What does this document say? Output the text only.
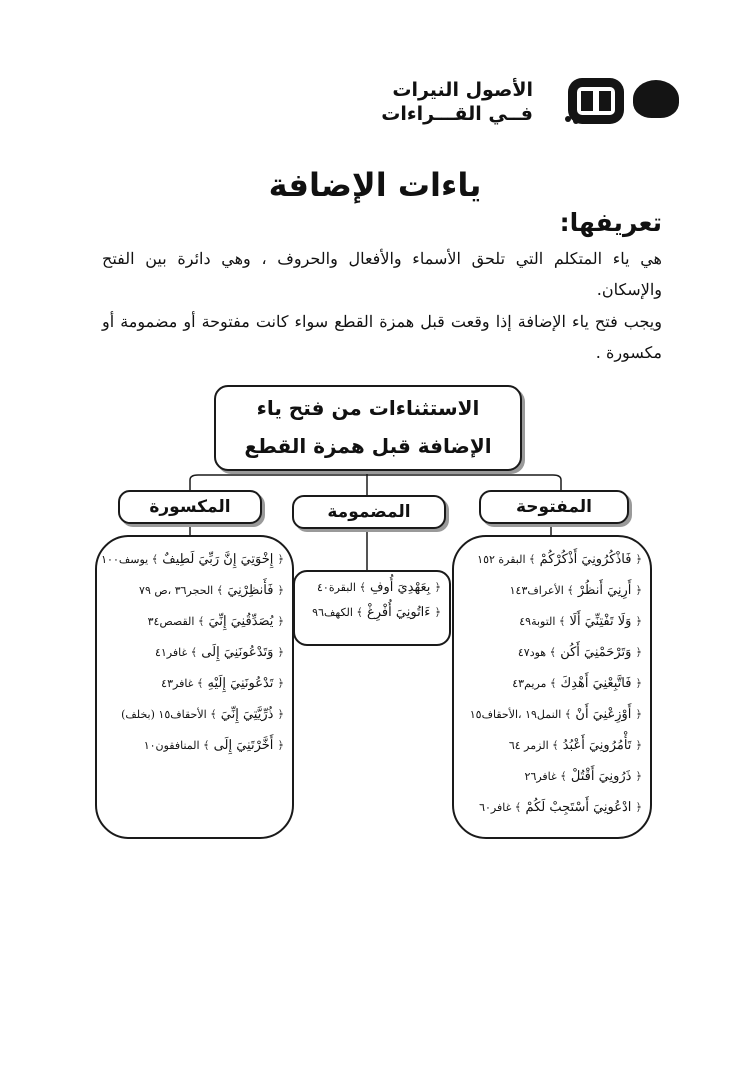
الأصول النيرات
فــي القـــراءات
ياءات الإضافة
تعريفها:
هي ياء المتكلم التي تلحق الأسماء والأفعال والحروف ، وهي دائرة بين الفتح والإسكان.
ويجب فتح ياء الإضافة إذا وقعت قبل همزة القطع سواء كانت مفتوحة أو مضمومة أو مكسورة .
الاستثناءات من فتح ياء
الإضافة قبل همزة القطع
المكسورة	المضمومة	المفتوحة
﴿ إِخْوَتِيَ إِنَّ رَبِّيَ لَطِيفٌ ﴾ يوسف١٠٠
﴿ فَأَنظِرْنِيَ ﴾ الحجر٣٦ ،ص ٧٩
﴿ يُصَدِّقُنِيَ إِنِّيَ ﴾ القصص٣٤
﴿ وَتَدْعُونَنِيَ إِلَى ﴾ غافر٤١
﴿ تَدْعُونَنِيَ إِلَيْهِ ﴾ غافر٤٣
﴿ ذُرِّيَّتِيَ إِنِّيَ ﴾ الأحقاف١٥ (بخلف)
﴿ أَخَّرْتَنِيَ إِلَى ﴾ المنافقون١٠
﴿ بِعَهْدِيَ أُوفِ ﴾ البقرة٤٠
﴿ ءَاتُونِيَ أُفْرِغْ ﴾ الكهف٩٦
﴿ فَاذْكُرُونِيَ أَذْكُرْكُمْ ﴾ البقرة ١٥٢
﴿ أَرِنِيَ أَنظُرْ ﴾ الأعراف١٤٣
﴿ وَلَا تَفْتِنِّيَ أَلَا ﴾ التوبة٤٩
﴿ وَتَرْحَمْنِيَ أَكُن ﴾ هود٤٧
﴿ فَاتَّبِعْنِيَ أَهْدِكَ ﴾ مريم٤٣
﴿ أَوْزِعْنِيَ أَنْ ﴾ النمل١٩ ،الأحقاف١٥
﴿ تَأْمُرُونِيَ أَعْبُدُ ﴾ الزمر ٦٤
﴿ ذَرُونِيَ أَقْتُلْ ﴾ غافر٢٦
﴿ ادْعُونِيَ أَسْتَجِبْ لَكُمْ ﴾ غافر٦٠
